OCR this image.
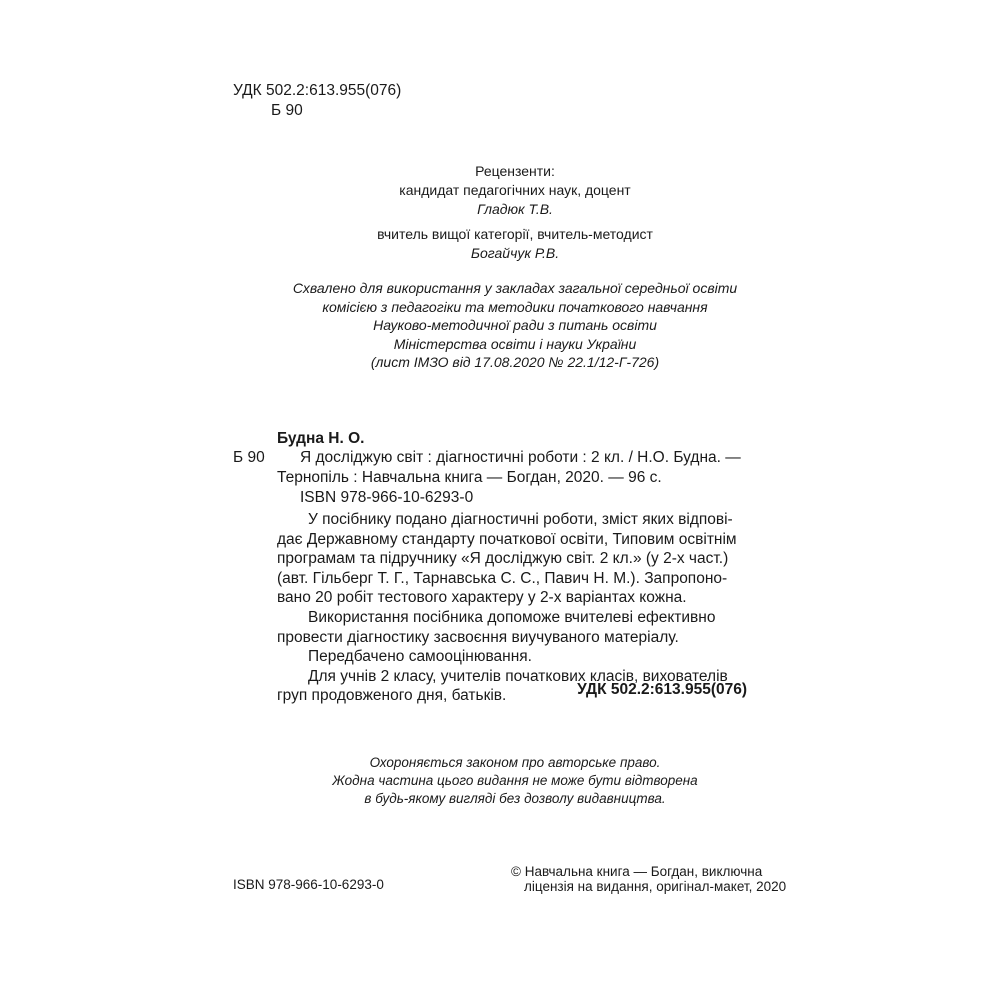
УДК 502.2:613.955(076)
Б 90
Рецензенти:
кандидат педагогічних наук, доцент
Гладюк Т.В.
вчитель вищої категорії, вчитель-методист
Богайчук Р.В.
Схвалено для використання у закладах загальної середньої освіти
комісією з педагогіки та методики початкового навчання
Науково-методичної ради з питань освіти
Міністерства освіти і науки України
(лист ІМЗО від 17.08.2020 № 22.1/12-Г-726)
Будна Н. О.
Б 90 Я досліджую світ : діагностичні роботи : 2 кл. / Н.О. Будна. —
Тернопіль : Навчальна книга — Богдан, 2020. — 96 с.
ISBN 978-966-10-6293-0

У посібнику подано діагностичні роботи, зміст яких відпові-

дає Державному стандарту початкової освіти, Типовим освітнім

програмам та підручнику «Я досліджую світ. 2 кл.» (у 2-х част.)

(авт. Гільберг Т. Г., Тарнавська С. С., Павич Н. М.). Запропоно-

вано 20 робіт тестового характеру у 2-х варіантах кожна.

Використання посібника допоможе вчителеві ефективно

провести діагностику засвоєння виучуваного матеріалу.

Передбачено самооцінювання.

Для учнів 2 класу, учителів початкових класів, вихователів

груп продовженого дня, батьків.	УДК 502.2:613.955(076)
Охороняється законом про авторське право.
Жодна частина цього видання не може бути відтворена
в будь-якому вигляді без дозволу видавництва.
ISBN 978-966-10-6293-0
© Навчальна книга — Богдан, виключна
ліцензія на видання, оригінал-макет, 2020
